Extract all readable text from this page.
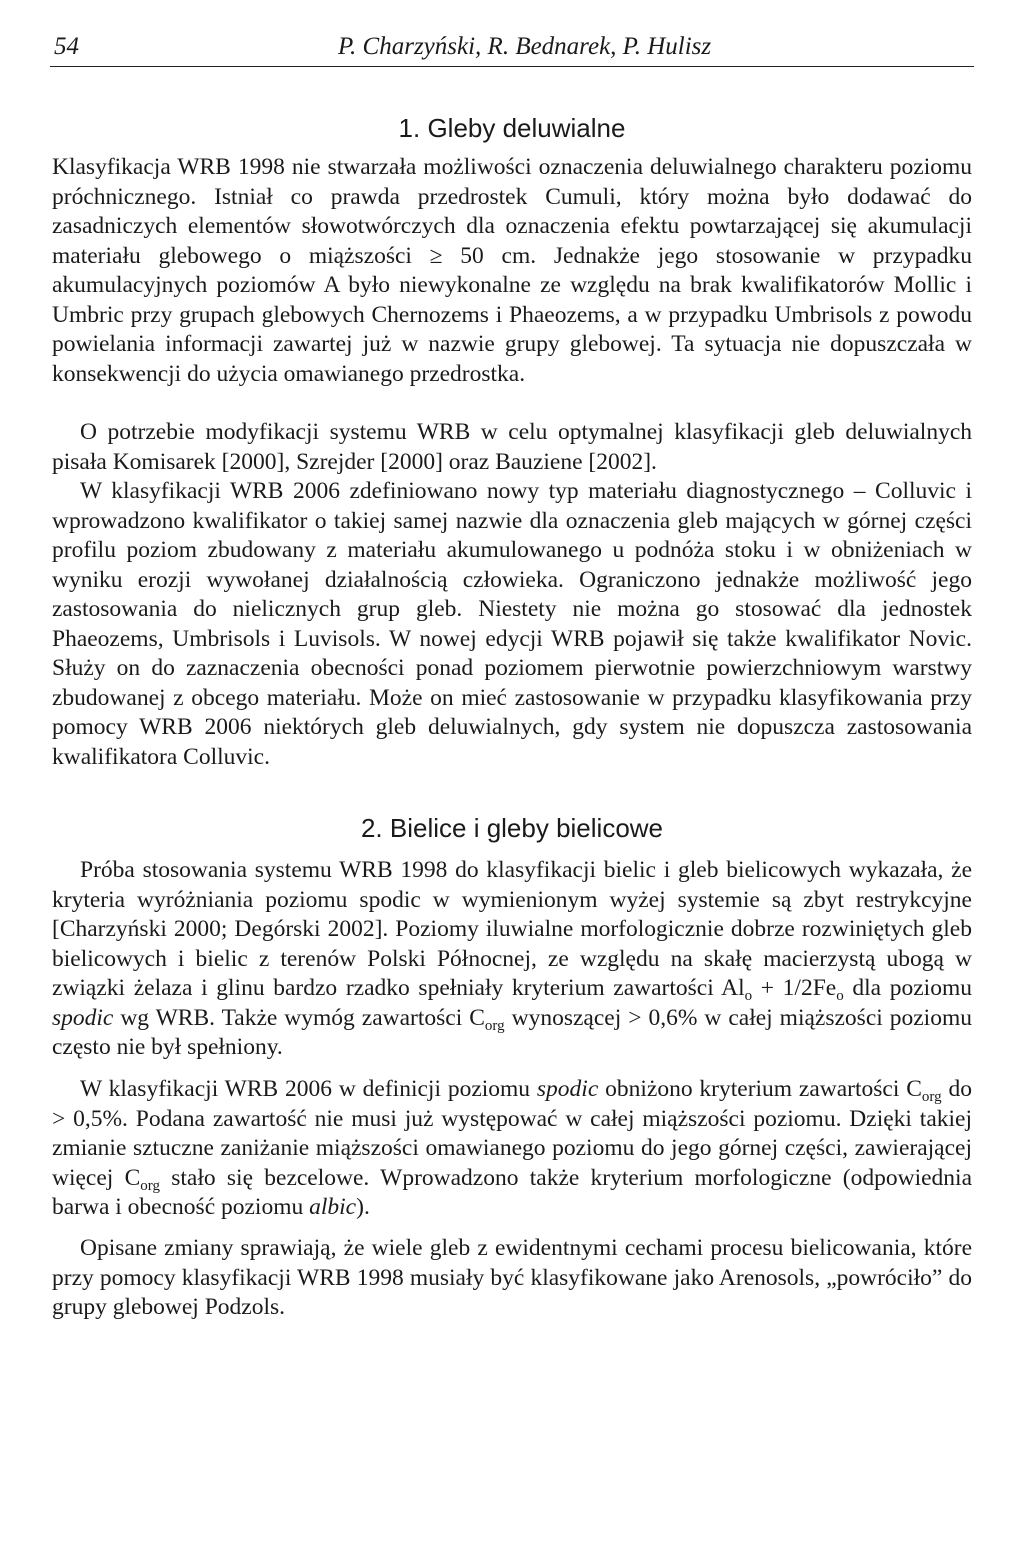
54	P. Charzyński, R. Bednarek, P. Hulisz
1. Gleby deluwialne

Klasyfikacja WRB 1998 nie stwarzała możliwości oznaczenia deluwialnego charakteru poziomu próchnicznego. Istniał co prawda przedrostek Cumuli, który można było dodawać do zasadniczych elementów słowotwórczych dla oznaczenia efektu powtarzającej się akumulacji materiału glebowego o miąższości ≥ 50 cm. Jednakże jego stosowanie w przypadku akumulacyjnych poziomów A było niewykonalne ze względu na brak kwalifikatorów Mollic i Umbric przy grupach glebowych Chernozems i Phaeozems, a w przypadku Umbrisols z powodu powielania informacji zawartej już w nazwie grupy glebowej. Ta sytuacja nie dopuszczała w konsekwencji do użycia omawianego przedrostka.

O potrzebie modyfikacji systemu WRB w celu optymalnej klasyfikacji gleb deluwialnych pisała Komisarek [2000], Szrejder [2000] oraz Bauziene [2002].

W klasyfikacji WRB 2006 zdefiniowano nowy typ materiału diagnostycznego – Colluvic i wprowadzono kwalifikator o takiej samej nazwie dla oznaczenia gleb mających w górnej części profilu poziom zbudowany z materiału akumulowanego u podnóża stoku i w obniżeniach w wyniku erozji wywołanej działalnością człowieka. Ograniczono jednakże możliwość jego zastosowania do nielicznych grup gleb. Niestety nie można go stosować dla jednostek Phaeozems, Umbrisols i Luvisols. W nowej edycji WRB pojawił się także kwalifikator Novic. Służy on do zaznaczenia obecności ponad poziomem pierwotnie powierzchniowym warstwy zbudowanej z obcego materiału. Może on mieć zastosowanie w przypadku klasyfikowania przy pomocy WRB 2006 niektórych gleb deluwialnych, gdy system nie dopuszcza zastosowania kwalifikatora Colluvic.

2. Bielice i gleby bielicowe

Próba stosowania systemu WRB 1998 do klasyfikacji bielic i gleb bielicowych wykazała, że kryteria wyróżniania poziomu spodic w wymienionym wyżej systemie są zbyt restrykcyjne [Charzyński 2000; Degórski 2002]. Poziomy iluwialne morfologicznie dobrze rozwiniętych gleb bielicowych i bielic z terenów Polski Północnej, ze względu na skałę macierzystą ubogą w związki żelaza i glinu bardzo rzadko spełniały kryterium zawartości $Al_o + 1/2Fe_o$ dla poziomu spodic wg WRB. Także wymóg zawartości $C_{org}$ wynoszącej > 0,6% w całej miąższości poziomu często nie był spełniony.

W klasyfikacji WRB 2006 w definicji poziomu spodic obniżono kryterium zawartości $C_{org}$ do > 0,5%. Podana zawartość nie musi już występować w całej miąższości poziomu. Dzięki takiej zmianie sztuczne zaniżanie miąższości omawianego poziomu do jego górnej części, zawierającej więcej $C_{org}$ stało się bezcelowe. Wprowadzono także kryterium morfologiczne (odpowiednia barwa i obecność poziomu albic).

Opisane zmiany sprawiają, że wiele gleb z ewidentnymi cechami procesu bielicowania, które przy pomocy klasyfikacji WRB 1998 musiały być klasyfikowane jako Arenosols, „powróciło” do grupy glebowej Podzols.
